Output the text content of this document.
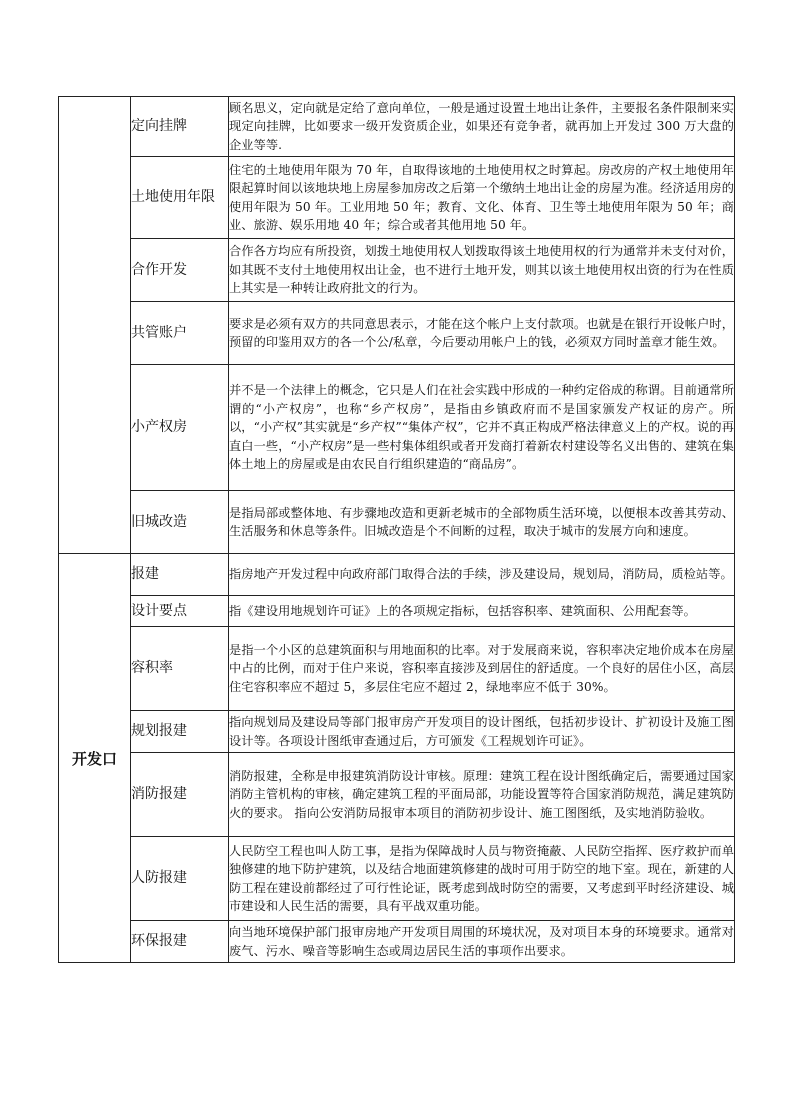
	定向挂牌	顾名思义，定向就是定给了意向单位，一般是通过设置土地出让条件，主要报名条件限制来实现定向挂牌，比如要求一级开发资质企业，如果还有竞争者，就再加上开发过 300 万大盘的企业等等.
	土地使用年限	住宅的土地使用年限为 70 年，自取得该地的土地使用权之时算起。房改房的产权土地使用年限起算时间以该地块地上房屋参加房改之后第一个缴纳土地出让金的房屋为准。经济适用房的使用年限为 50 年。工业用地 50 年；教育、文化、体育、卫生等土地使用年限为 50 年；商业、旅游、娱乐用地 40 年；综合或者其他用地 50 年。
	合作开发	合作各方均应有所投资，划拨土地使用权人划拨取得该土地使用权的行为通常并未支付对价，如其既不支付土地使用权出让金，也不进行土地开发，则其以该土地使用权出资的行为在性质上其实是一种转让政府批文的行为。
	共管账户	要求是必须有双方的共同意思表示，才能在这个帐户上支付款项。也就是在银行开设帐户时，预留的印鉴用双方的各一个公/私章，今后要动用帐户上的钱，必须双方同时盖章才能生效。
	小产权房	并不是一个法律上的概念，它只是人们在社会实践中形成的一种约定俗成的称谓。目前通常所谓的“小产权房”，也称“乡产权房”，是指由乡镇政府而不是国家颁发产权证的房产。所以，“小产权”其实就是“乡产权”“集体产权”，它并不真正构成严格法律意义上的产权。说的再直白一些，“小产权房”是一些村集体组织或者开发商打着新农村建设等名义出售的、建筑在集体土地上的房屋或是由农民自行组织建造的“商品房”。
	旧城改造	是指局部或整体地、有步骤地改造和更新老城市的全部物质生活环境，以便根本改善其劳动、生活服务和休息等条件。旧城改造是个不间断的过程，取决于城市的发展方向和速度。
开发口	报建	指房地产开发过程中向政府部门取得合法的手续，涉及建设局，规划局，消防局，质检站等。
	设计要点	指《建设用地规划许可证》上的各项规定指标，包括容积率、建筑面积、公用配套等。
	容积率	是指一个小区的总建筑面积与用地面积的比率。对于发展商来说，容积率决定地价成本在房屋中占的比例，而对于住户来说，容积率直接涉及到居住的舒适度。一个良好的居住小区，高层住宅容积率应不超过 5，多层住宅应不超过 2，绿地率应不低于 30%。
	规划报建	指向规划局及建设局等部门报审房产开发项目的设计图纸，包括初步设计、扩初设计及施工图设计等。各项设计图纸审查通过后，方可颁发《工程规划许可证》。
	消防报建	消防报建，全称是申报建筑消防设计审核。原理：建筑工程在设计图纸确定后，需要通过国家消防主管机构的审核，确定建筑工程的平面局部，功能设置等符合国家消防规范，满足建筑防火的要求。 指向公安消防局报审本项目的消防初步设计、施工图图纸，及实地消防验收。
	人防报建	人民防空工程也叫人防工事，是指为保障战时人员与物资掩蔽、人民防空指挥、医疗救护而单独修建的地下防护建筑，以及结合地面建筑修建的战时可用于防空的地下室。现在，新建的人防工程在建设前都经过了可行性论证，既考虑到战时防空的需要，又考虑到平时经济建设、城市建设和人民生活的需要，具有平战双重功能。
	环保报建	向当地环境保护部门报审房地产开发项目周围的环境状况，及对项目本身的环境要求。通常对废气、污水、噪音等影响生态或周边居民生活的事项作出要求。
